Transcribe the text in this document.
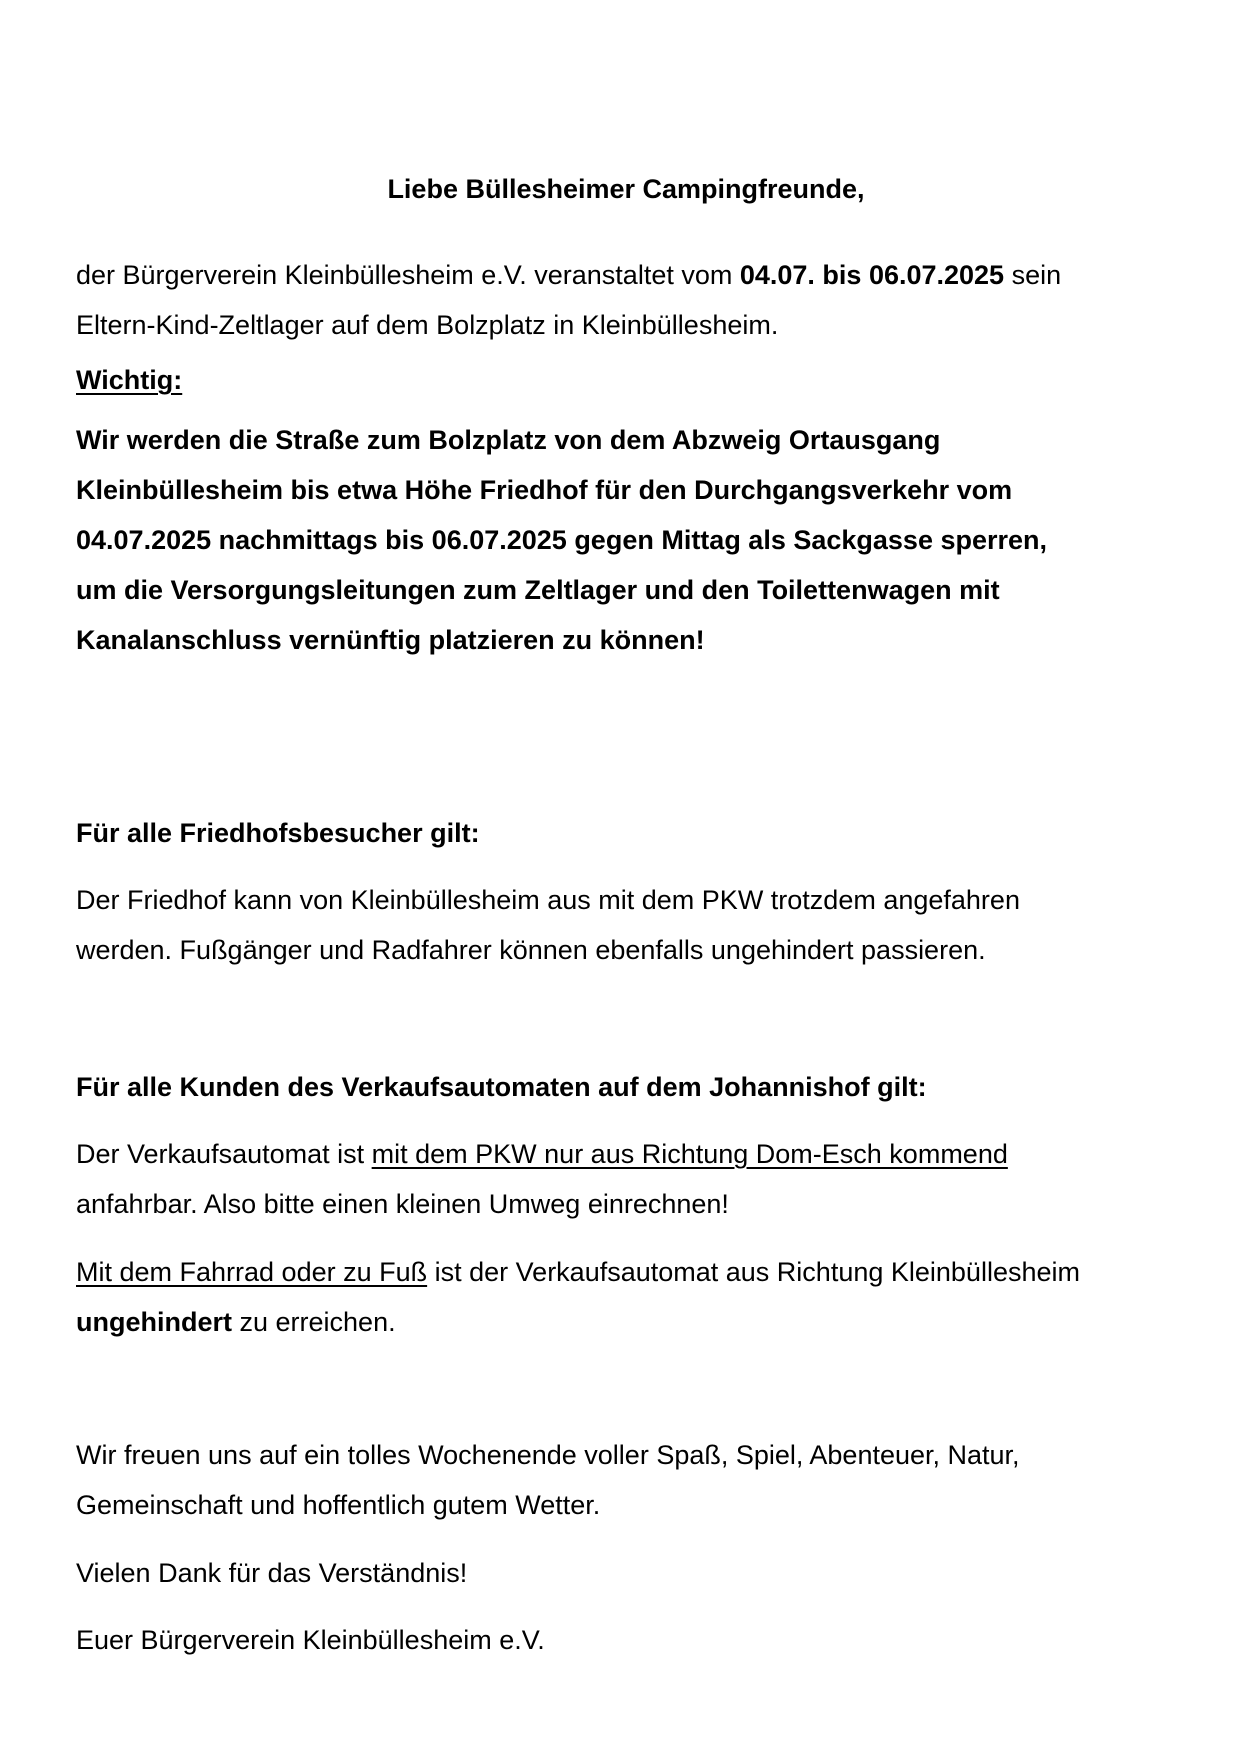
Liebe Büllesheimer Campingfreunde,

der Bürgerverein Kleinbüllesheim e.V. veranstaltet vom 04.07. bis 06.07.2025 sein
Eltern-Kind-Zeltlager auf dem Bolzplatz in Kleinbüllesheim.

Wichtig:

Wir werden die Straße zum Bolzplatz von dem Abzweig Ortausgang
Kleinbüllesheim bis etwa Höhe Friedhof für den Durchgangsverkehr vom
04.07.2025 nachmittags bis 06.07.2025 gegen Mittag als Sackgasse sperren,
um die Versorgungsleitungen zum Zeltlager und den Toilettenwagen mit
Kanalanschluss vernünftig platzieren zu können!

Für alle Friedhofsbesucher gilt:

Der Friedhof kann von Kleinbüllesheim aus mit dem PKW trotzdem angefahren
werden. Fußgänger und Radfahrer können ebenfalls ungehindert passieren.

Für alle Kunden des Verkaufsautomaten auf dem Johannishof gilt:

Der Verkaufsautomat ist mit dem PKW nur aus Richtung Dom-Esch kommend
anfahrbar. Also bitte einen kleinen Umweg einrechnen!

Mit dem Fahrrad oder zu Fuß ist der Verkaufsautomat aus Richtung Kleinbüllesheim
ungehindert zu erreichen.

Wir freuen uns auf ein tolles Wochenende voller Spaß, Spiel, Abenteuer, Natur,
Gemeinschaft und hoffentlich gutem Wetter.

Vielen Dank für das Verständnis!

Euer Bürgerverein Kleinbüllesheim e.V.
